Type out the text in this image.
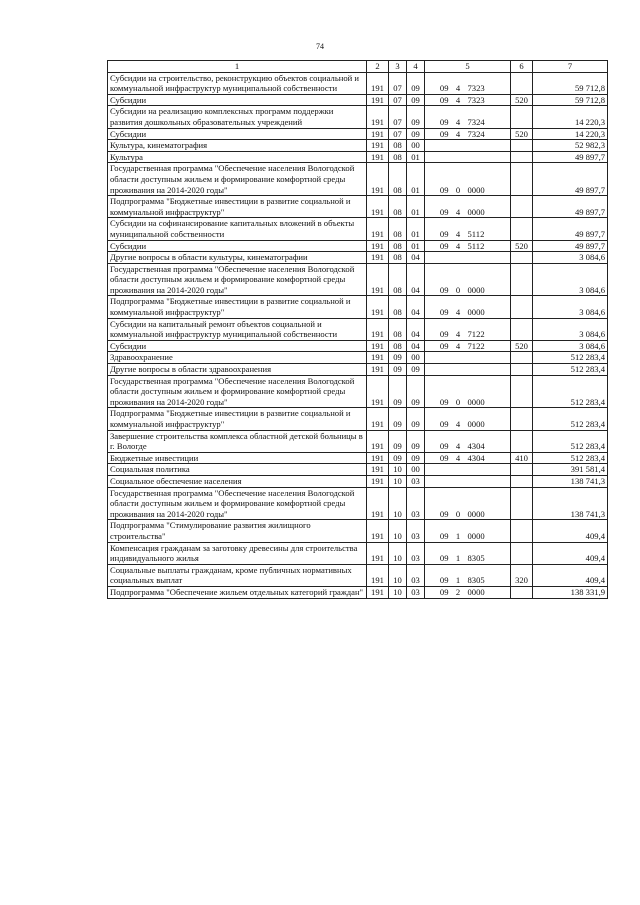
74
1	2	3	4	5			6	7
Субсидии на строительство, реконструкцию объектов социальной и коммунальной инфраструктур муниципальной собственности	191	07	09	09	4	7323		59 712,8
Субсидии	191	07	09	09	4	7323	520	59 712,8
Субсидии на реализацию комплексных программ поддержки развития дошкольных образовательных учреждений	191	07	09	09	4	7324		14 220,3
Субсидии	191	07	09	09	4	7324	520	14 220,3
Культура, кинематография	191	08	00					52 982,3
Культура	191	08	01					49 897,7
Государственная программа "Обеспечение населения Вологодской области доступным жильем и формирование комфортной среды проживания на 2014-2020 годы"	191	08	01	09	0	0000		49 897,7
Подпрограмма "Бюджетные инвестиции в развитие социальной и коммунальной инфраструктур"	191	08	01	09	4	0000		49 897,7
Субсидии на софинансирование капитальных вложений в объекты муниципальной собственности	191	08	01	09	4	5112		49 897,7
Субсидии	191	08	01	09	4	5112	520	49 897,7
Другие вопросы в области культуры, кинематографии	191	08	04					3 084,6
Государственная программа "Обеспечение населения Вологодской области доступным жильем и формирование комфортной среды проживания на 2014-2020 годы"	191	08	04	09	0	0000		3 084,6
Подпрограмма "Бюджетные инвестиции в развитие социальной и коммунальной инфраструктур"	191	08	04	09	4	0000		3 084,6
Субсидии на капитальный ремонт объектов социальной и коммунальной инфраструктур муниципальной собственности	191	08	04	09	4	7122		3 084,6
Субсидии	191	08	04	09	4	7122	520	3 084,6
Здравоохранение	191	09	00					512 283,4
Другие вопросы в области здравоохранения	191	09	09					512 283,4
Государственная программа "Обеспечение населения Вологодской области доступным жильем и формирование комфортной среды проживания на 2014-2020 годы"	191	09	09	09	0	0000		512 283,4
Подпрограмма "Бюджетные инвестиции в развитие социальной и коммунальной инфраструктур"	191	09	09	09	4	0000		512 283,4
Завершение строительства комплекса областной детской больницы в г. Вологде	191	09	09	09	4	4304		512 283,4
Бюджетные инвестиции	191	09	09	09	4	4304	410	512 283,4
Социальная политика	191	10	00					391 581,4
Социальное обеспечение населения	191	10	03					138 741,3
Государственная программа "Обеспечение населения Вологодской области доступным жильем и формирование комфортной среды проживания на 2014-2020 годы"	191	10	03	09	0	0000		138 741,3
Подпрограмма "Стимулирование развития жилищного строительства"	191	10	03	09	1	0000		409,4
Компенсация гражданам за заготовку древесины для строительства индивидуального жилья	191	10	03	09	1	8305		409,4
Социальные выплаты гражданам, кроме публичных нормативных социальных выплат	191	10	03	09	1	8305	320	409,4
Подпрограмма "Обеспечение жильем отдельных категорий граждан"	191	10	03	09	2	0000		138 331,9
